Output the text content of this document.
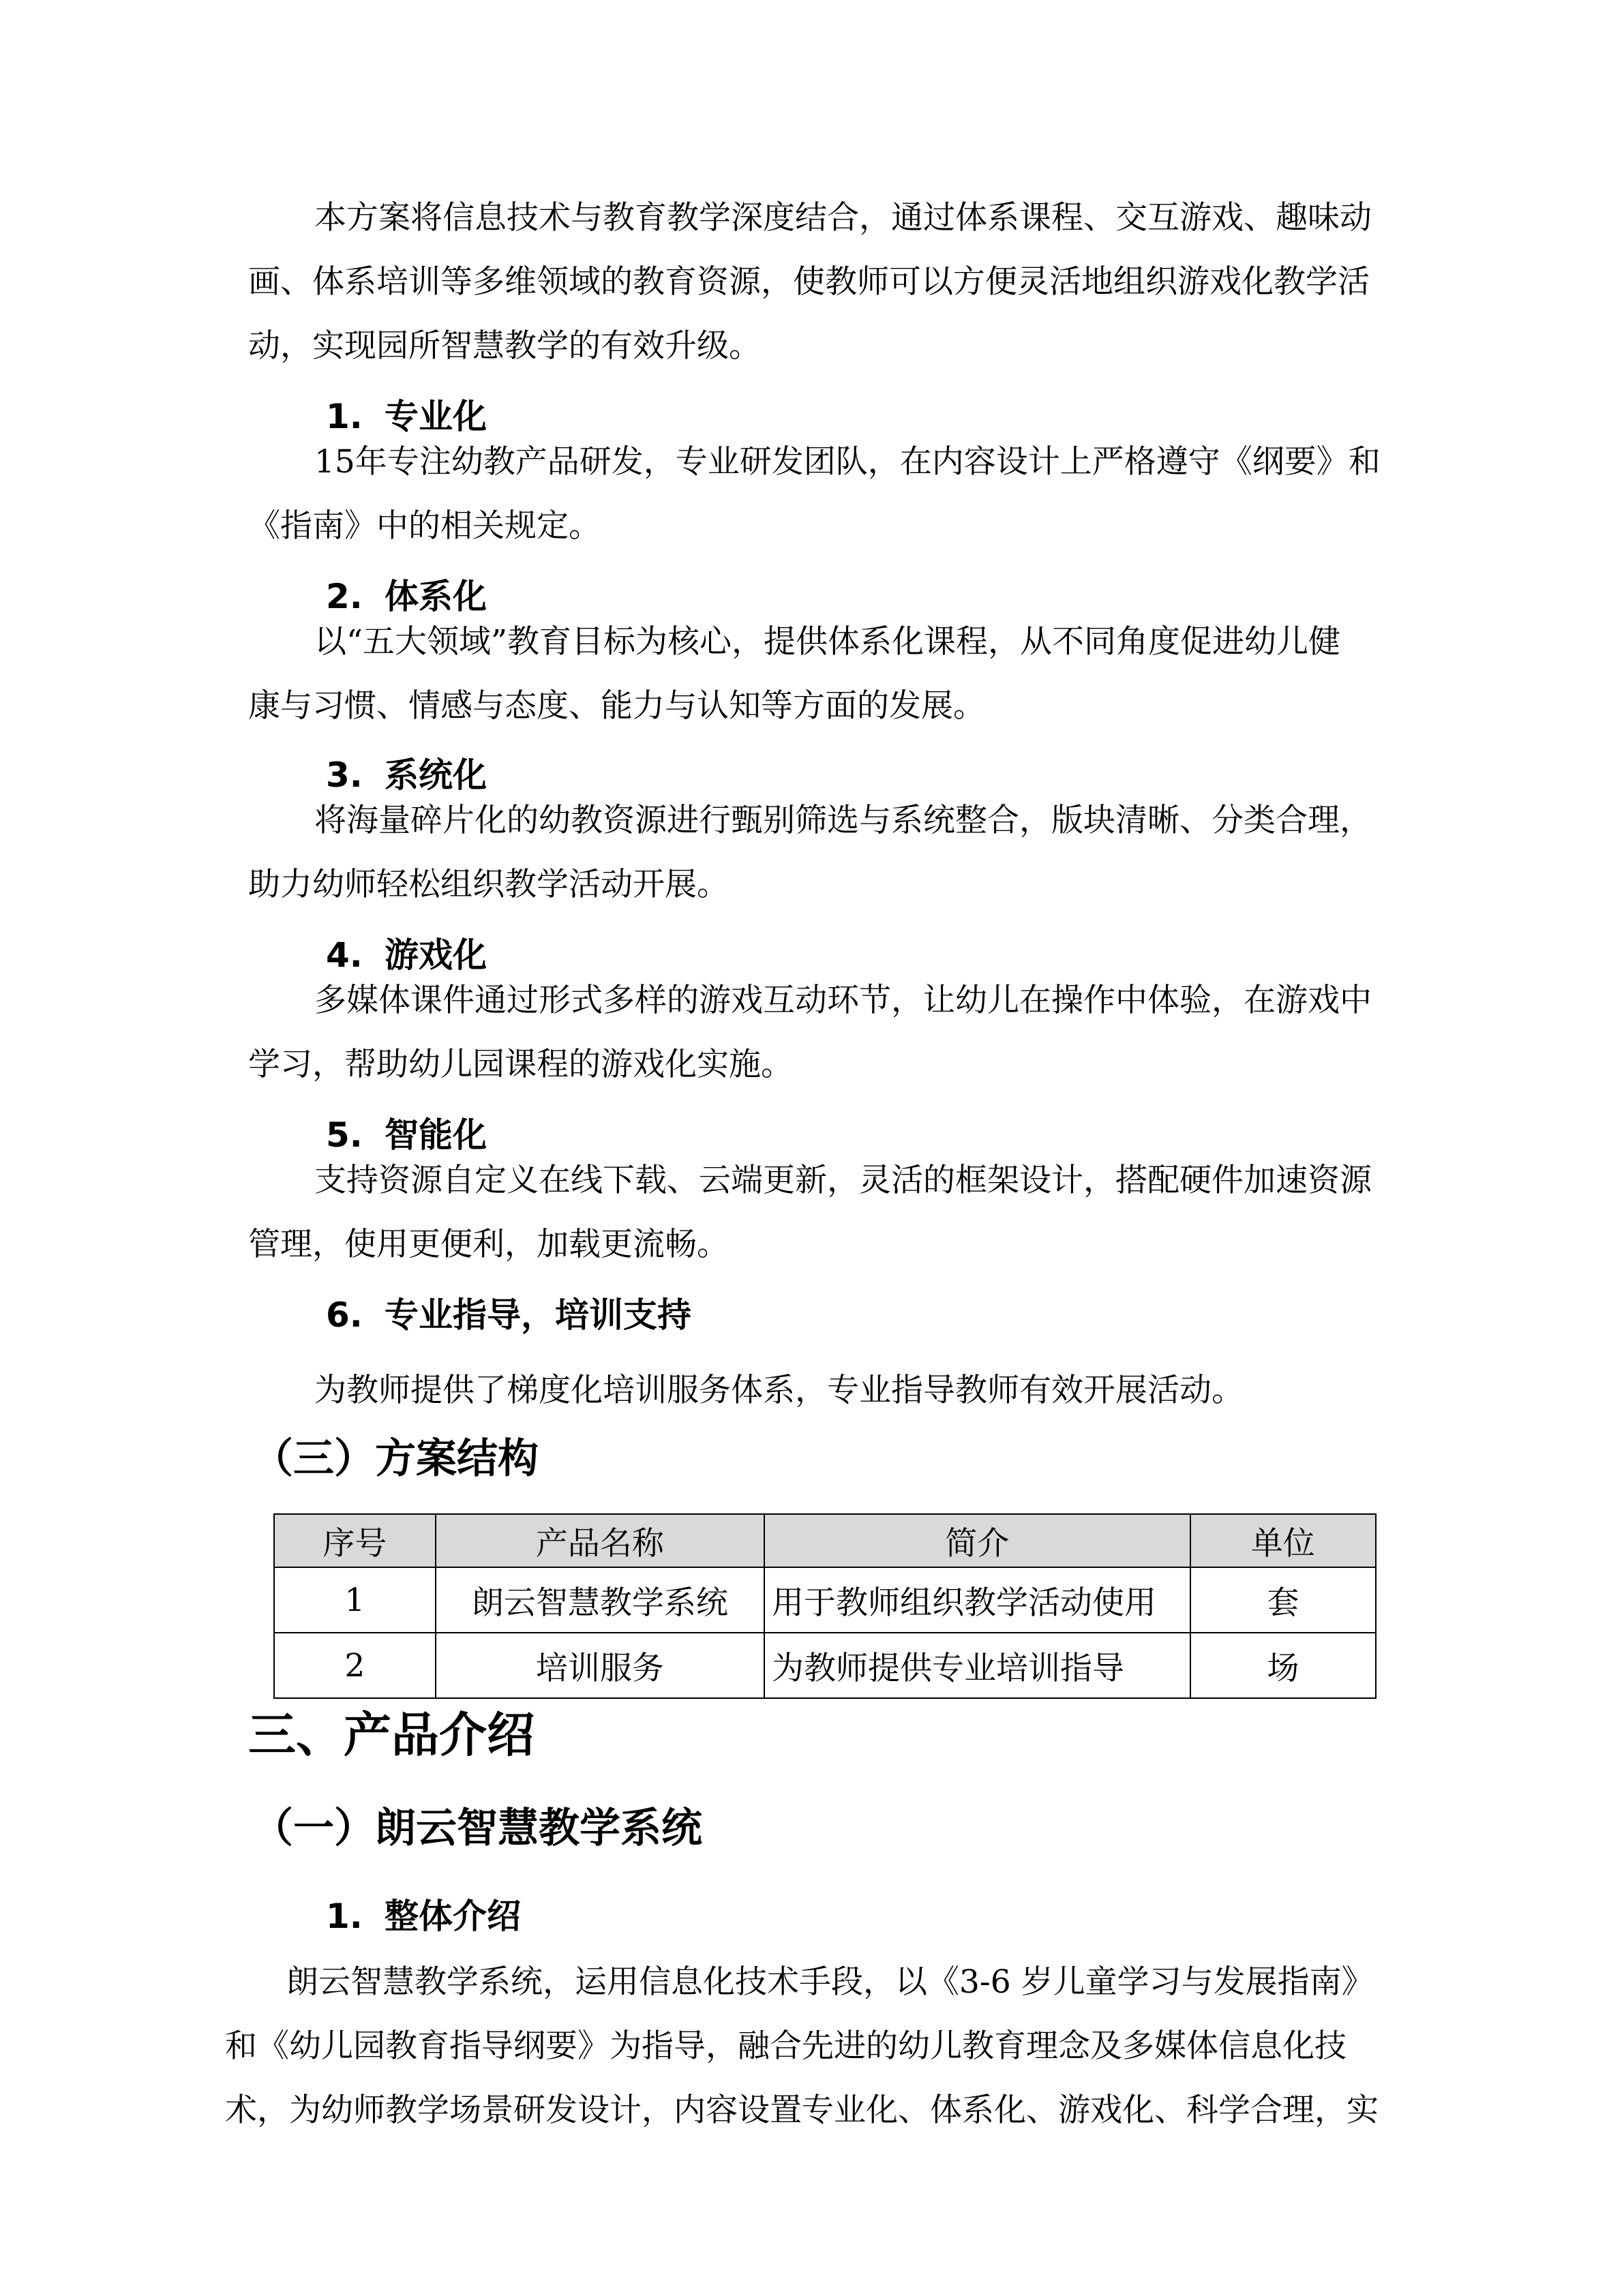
本方案将信息技术与教育教学深度结合，通过体系课程、交互游戏、趣味动
画、体系培训等多维领域的教育资源，使教师可以方便灵活地组织游戏化教学活
动，实现园所智慧教学的有效升级。
1. 专业化
15年专注幼教产品研发，专业研发团队，在内容设计上严格遵守《纲要》和
《指南》中的相关规定。
2. 体系化
以“五大领域”教育目标为核心，提供体系化课程，从不同角度促进幼儿健
康与习惯、情感与态度、能力与认知等方面的发展。
3. 系统化
将海量碎片化的幼教资源进行甄别筛选与系统整合，版块清晰、分类合理，
助力幼师轻松组织教学活动开展。
4. 游戏化
多媒体课件通过形式多样的游戏互动环节，让幼儿在操作中体验，在游戏中
学习，帮助幼儿园课程的游戏化实施。
5. 智能化
支持资源自定义在线下载、云端更新，灵活的框架设计，搭配硬件加速资源
管理，使用更便利，加载更流畅。
6. 专业指导，培训支持
为教师提供了梯度化培训服务体系，专业指导教师有效开展活动。
（三）方案结构
序号	产品名称	简介	单位
1	朗云智慧教学系统	用于教师组织教学活动使用	套
2	培训服务	为教师提供专业培训指导	场
三、产品介绍
（一）朗云智慧教学系统
1. 整体介绍
朗云智慧教学系统，运用信息化技术手段，以《3-6 岁儿童学习与发展指南》
和《幼儿园教育指导纲要》为指导，融合先进的幼儿教育理念及多媒体信息化技
术，为幼师教学场景研发设计，内容设置专业化、体系化、游戏化、科学合理，实
